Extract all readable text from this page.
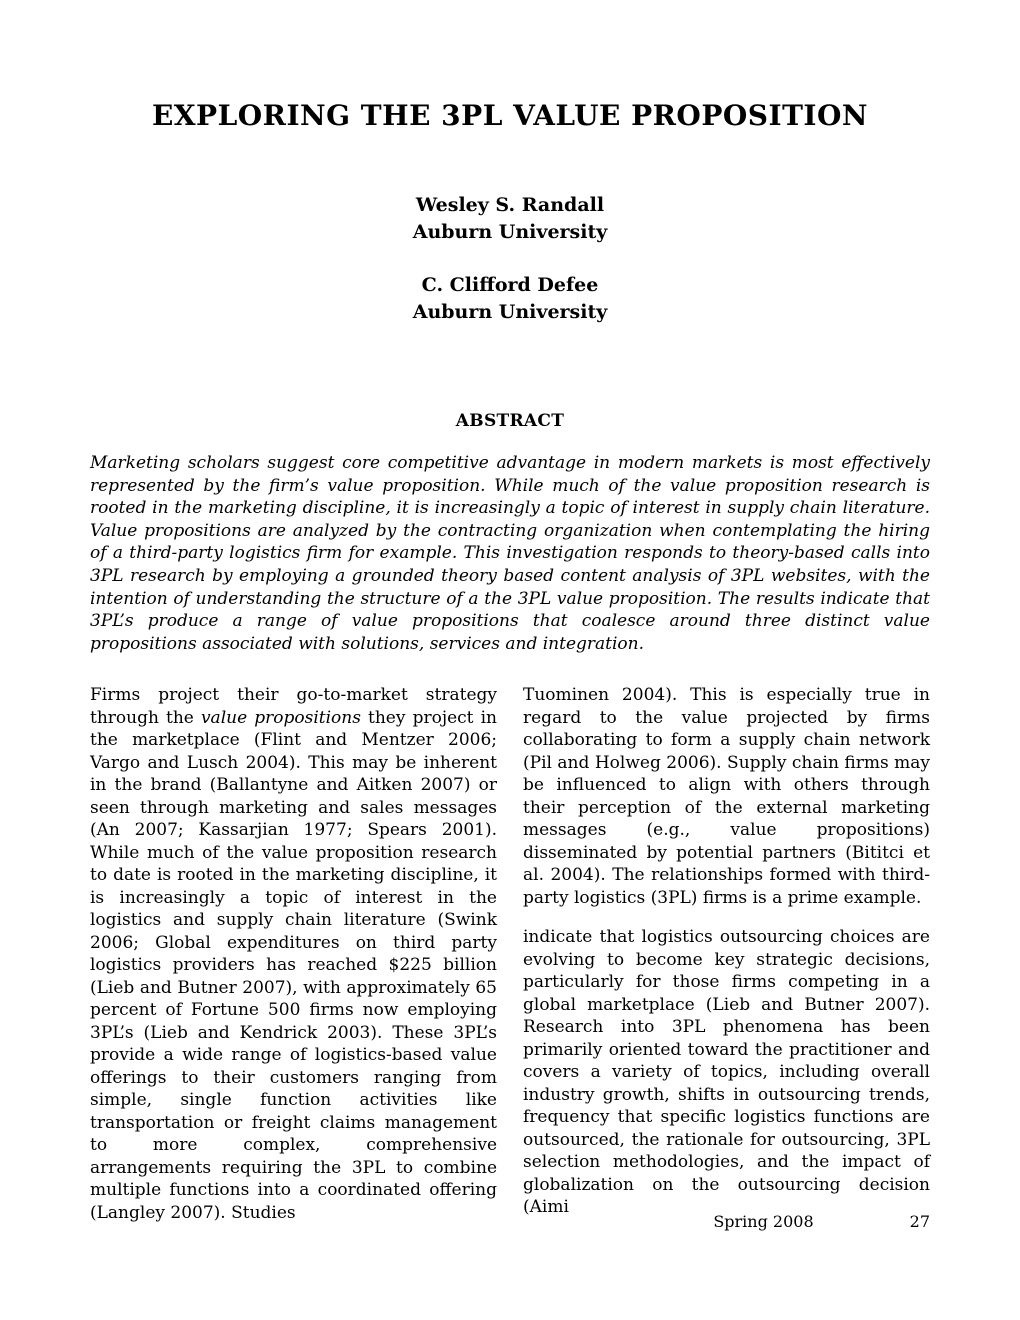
EXPLORING THE 3PL VALUE PROPOSITION
Wesley S. Randall
Auburn University
C. Clifford Defee
Auburn University
ABSTRACT

Marketing scholars suggest core competitive advantage in modern markets is most effectively represented by the firm’s value proposition. While much of the value proposition research is rooted in the marketing discipline, it is increasingly a topic of interest in supply chain literature. Value propositions are analyzed by the contracting organization when contemplating the hiring of a third-party logistics firm for example. This investigation responds to theory-based calls into 3PL research by employing a grounded theory based content analysis of 3PL websites, with the intention of understanding the structure of a the 3PL value proposition. The results indicate that 3PL’s produce a range of value propositions that coalesce around three distinct value propositions associated with solutions, services and integration.

Firms project their go-to-market strategy through the value propositions they project in the marketplace (Flint and Mentzer 2006; Vargo and Lusch 2004). This may be inherent in the brand (Ballantyne and Aitken 2007) or seen through marketing and sales messages (An 2007; Kassarjian 1977; Spears 2001). While much of the value proposition research to date is rooted in the marketing discipline, it is increasingly a topic of interest in the logistics and supply chain literature (Swink 2006; Global expenditures on third party logistics providers has reached $225 billion (Lieb and Butner 2007), with approximately 65 percent of Fortune 500 firms now employing 3PL’s (Lieb and Kendrick 2003). These 3PL’s provide a wide range of logistics-based value offerings to their customers ranging from simple, single function activities like transportation or freight claims management to more complex, comprehensive arrangements requiring the 3PL to combine multiple functions into a coordinated offering (Langley 2007). Studies

Tuominen 2004). This is especially true in regard to the value projected by firms collaborating to form a supply chain network (Pil and Holweg 2006). Supply chain firms may be influenced to align with others through their perception of the external marketing messages (e.g., value propositions) disseminated by potential partners (Bititci et al. 2004). The relationships formed with third-party logistics (3PL) firms is a prime example.

indicate that logistics outsourcing choices are evolving to become key strategic decisions, particularly for those firms competing in a global marketplace (Lieb and Butner 2007). Research into 3PL phenomena has been primarily oriented toward the practitioner and covers a variety of topics, including overall industry growth, shifts in outsourcing trends, frequency that specific logistics functions are outsourced, the rationale for outsourcing, 3PL selection methodologies, and the impact of globalization on the outsourcing decision (Aimi

Spring 2008	27
